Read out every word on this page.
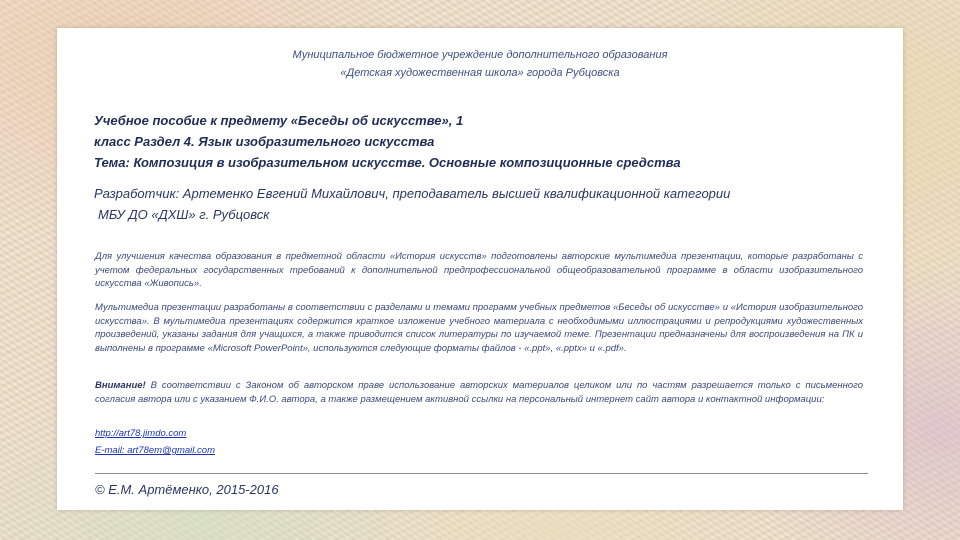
Муниципальное бюджетное учреждение дополнительного образования
«Детская художественная школа» города Рубцовска
Учебное пособие к предмету «Беседы об искусстве», 1
класс Раздел 4. Язык изобразительного искусства
Тема: Композиция в изобразительном искусстве. Основные композиционные средства
Разработчик: Артеменко Евгений Михайлович, преподаватель высшей квалификационной категории
МБУ ДО «ДХШ» г. Рубцовск

Для улучшения качества образования в предметной области «История искусств» подготовлены авторские мультимедиа презентации, которые разработаны с учетом федеральных государственных требований к дополнительной предпрофессиональной общеобразовательной программе в области изобразительного искусства «Живопись».

Мультимедиа презентации разработаны в соответствии с разделами и темами программ учебных предметов «Беседы об искусстве» и «История изобразительного искусства». В мультимедиа презентациях содержится краткое изложение учебного материала с необходимыми иллюстрациями и репродукциями художественных произведений, указаны задания для учащихся, а также приводится список литературы по изучаемой теме. Презентации предназначены для воспроизведения на ПК и выполнены в программе «Microsoft PowerPoint», используются следующие форматы файлов - «.ppt», «.pptx» и «.pdf».

Внимание! В соответствии с Законом об авторском праве использование авторских материалов целиком или по частям разрешается только с письменного согласия автора или с указанием Ф.И.О. автора, а также размещением активной ссылки на персональный интернет сайт автора и контактной информации:

http://art78.jimdo.com
E-mail: art78em@gmail.com
© Е.М. Артёменко, 2015-2016
